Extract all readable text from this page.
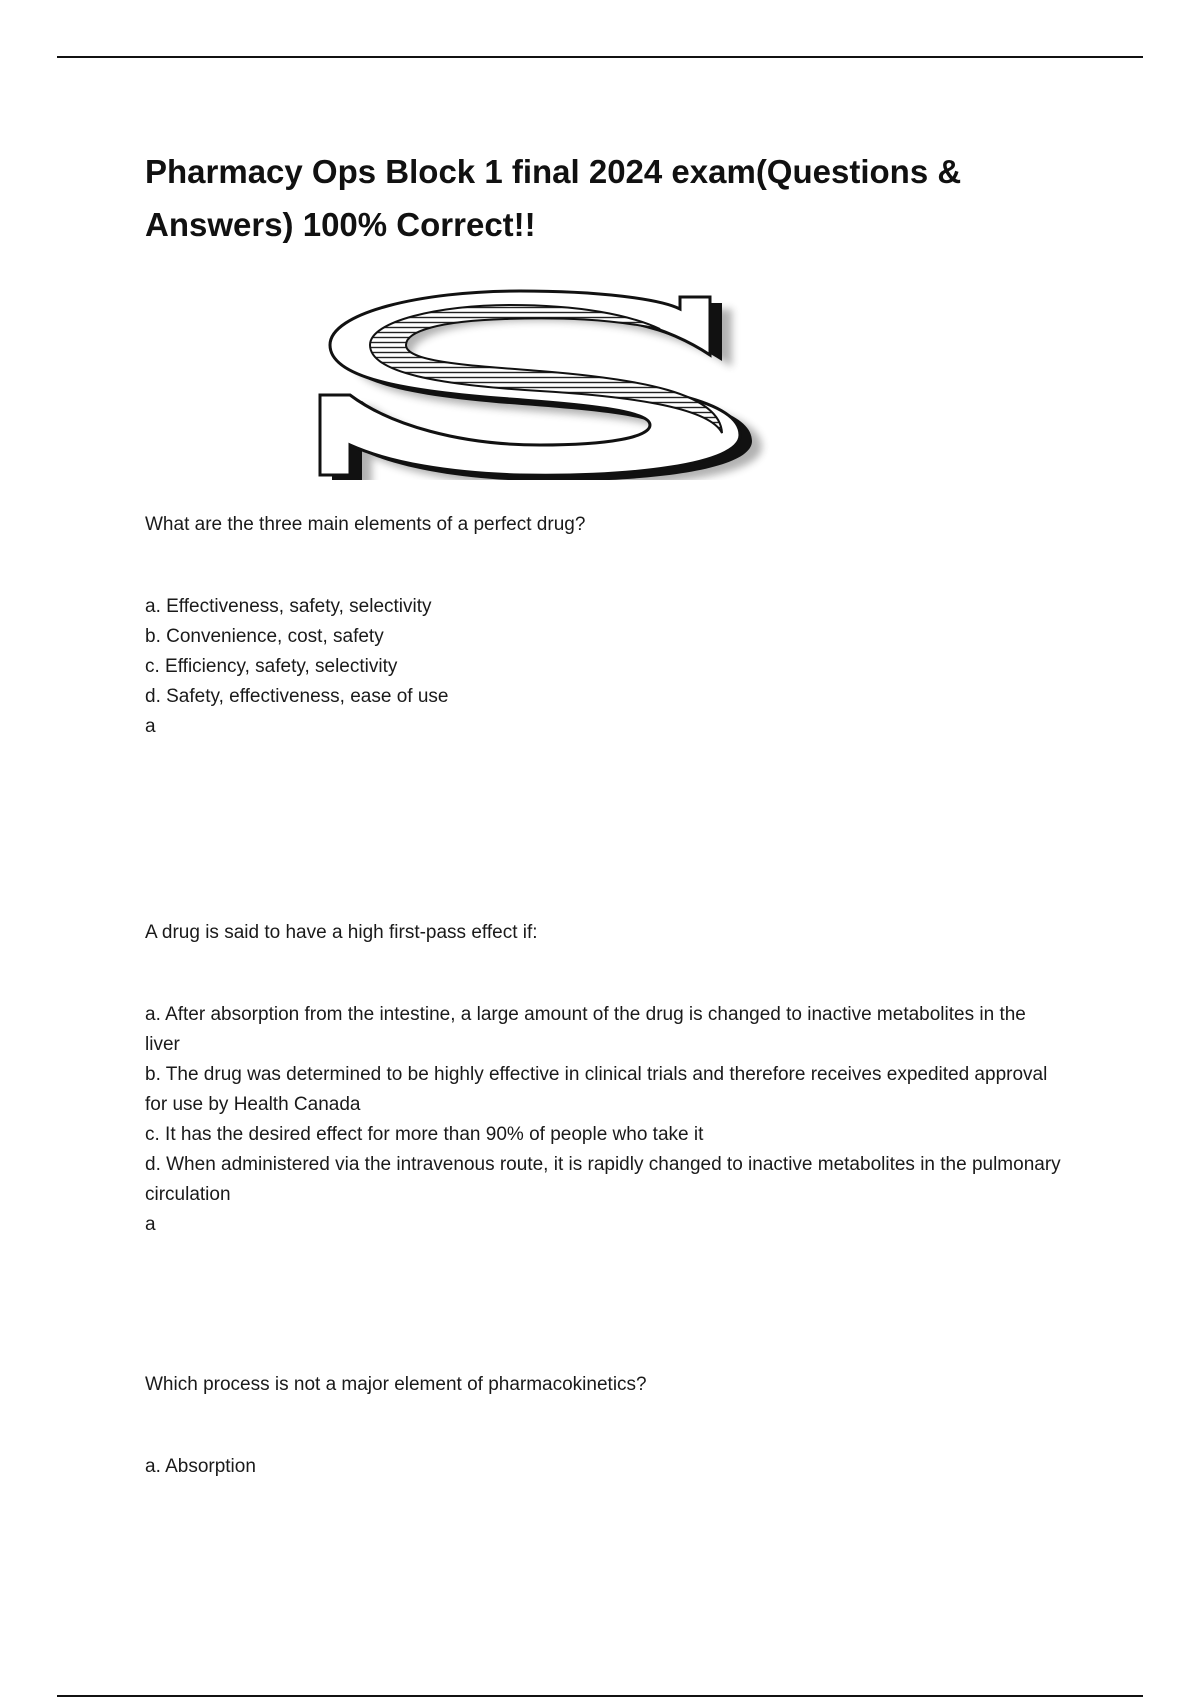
Pharmacy Ops Block 1 final 2024 exam(Questions & Answers) 100% Correct!!

What are the three main elements of a perfect drug?

a. Effectiveness, safety, selectivity

b. Convenience, cost, safety

c. Efficiency, safety, selectivity

d. Safety, effectiveness, ease of use

a

A drug is said to have a high first-pass effect if:

a. After absorption from the intestine, a large amount of the drug is changed to inactive metabolites in the liver

b. The drug was determined to be highly effective in clinical trials and therefore receives expedited approval for use by Health Canada

c. It has the desired effect for more than 90% of people who take it

d. When administered via the intravenous route, it is rapidly changed to inactive metabolites in the pulmonary circulation

a

Which process is not a major element of pharmacokinetics?

a. Absorption
